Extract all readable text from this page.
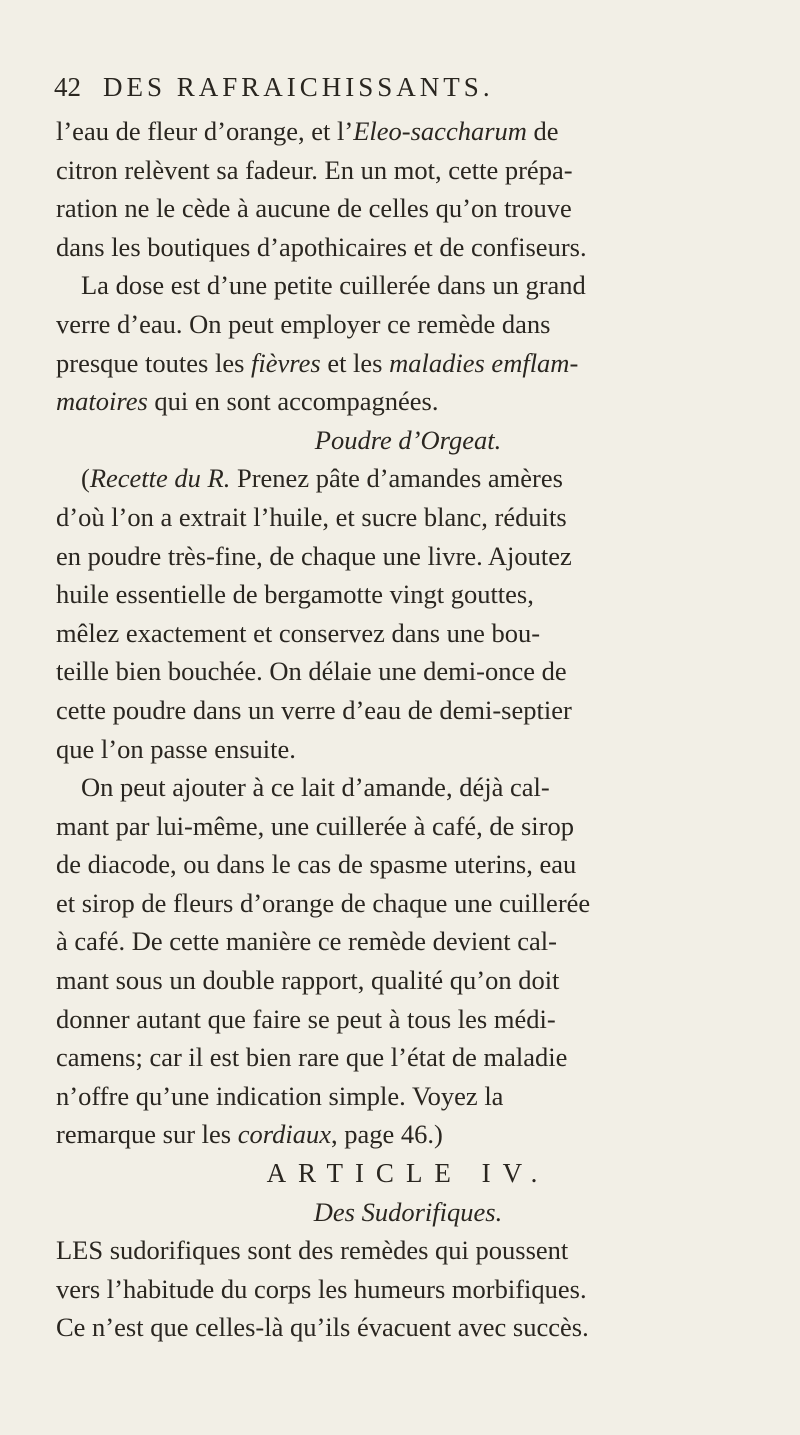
42 DES RAFRAICHISSANTS.
l’eau de fleur d’orange, et l’Eleo-saccharum de
citron relèvent sa fadeur. En un mot, cette prépa-
ration ne le cède à aucune de celles qu’on trouve
dans les boutiques d’apothicaires et de confiseurs.
La dose est d’une petite cuillerée dans un grand
verre d’eau. On peut employer ce remède dans
presque toutes les fièvres et les maladies emflam-
matoires qui en sont accompagnées.
Poudre d’Orgeat.
(Recette du R. Prenez pâte d’amandes amères
d’où l’on a extrait l’huile, et sucre blanc, réduits
en poudre très-fine, de chaque une livre. Ajoutez
huile essentielle de bergamotte vingt gouttes,
mêlez exactement et conservez dans une bou-
teille bien bouchée. On délaie une demi-once de
cette poudre dans un verre d’eau de demi-septier
que l’on passe ensuite.
On peut ajouter à ce lait d’amande, déjà cal-
mant par lui-même, une cuillerée à café, de sirop
de diacode, ou dans le cas de spasme uterins, eau
et sirop de fleurs d’orange de chaque une cuillerée
à café. De cette manière ce remède devient cal-
mant sous un double rapport, qualité qu’on doit
donner autant que faire se peut à tous les médi-
camens; car il est bien rare que l’état de maladie
n’offre qu’une indication simple. Voyez la
remarque sur les cordiaux, page 46.)
ARTICLE IV.
Des Sudorifiques.
LES sudorifiques sont des remèdes qui poussent
vers l’habitude du corps les humeurs morbifiques.
Ce n’est que celles-là qu’ils évacuent avec succès.
